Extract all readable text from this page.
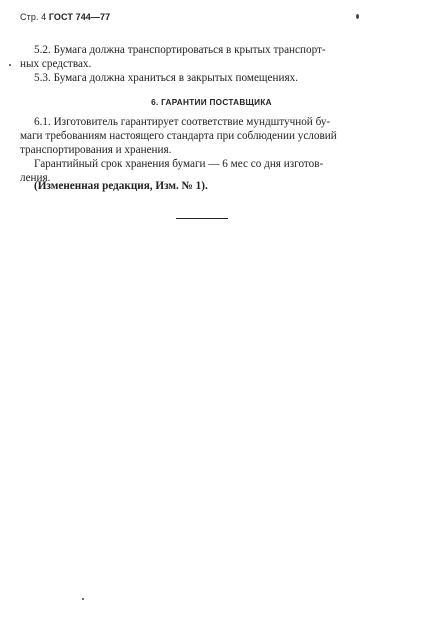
Стр. 4 ГОСТ 744—77
5.2. Бумага должна транспортироваться в крытых транспорт-
ных средствах.
5.3. Бумага должна храниться в закрытых помещениях.
6. ГАРАНТИИ ПОСТАВЩИКА
6.1. Изготовитель гарантирует соответствие мундштучной бу-
маги требованиям настоящего стандарта при соблюдении условий
транспортирования и хранения.
Гарантийный срок хранения бумаги — 6 мес со дня изготов-
ления.
(Измененная редакция, Изм. № 1).
